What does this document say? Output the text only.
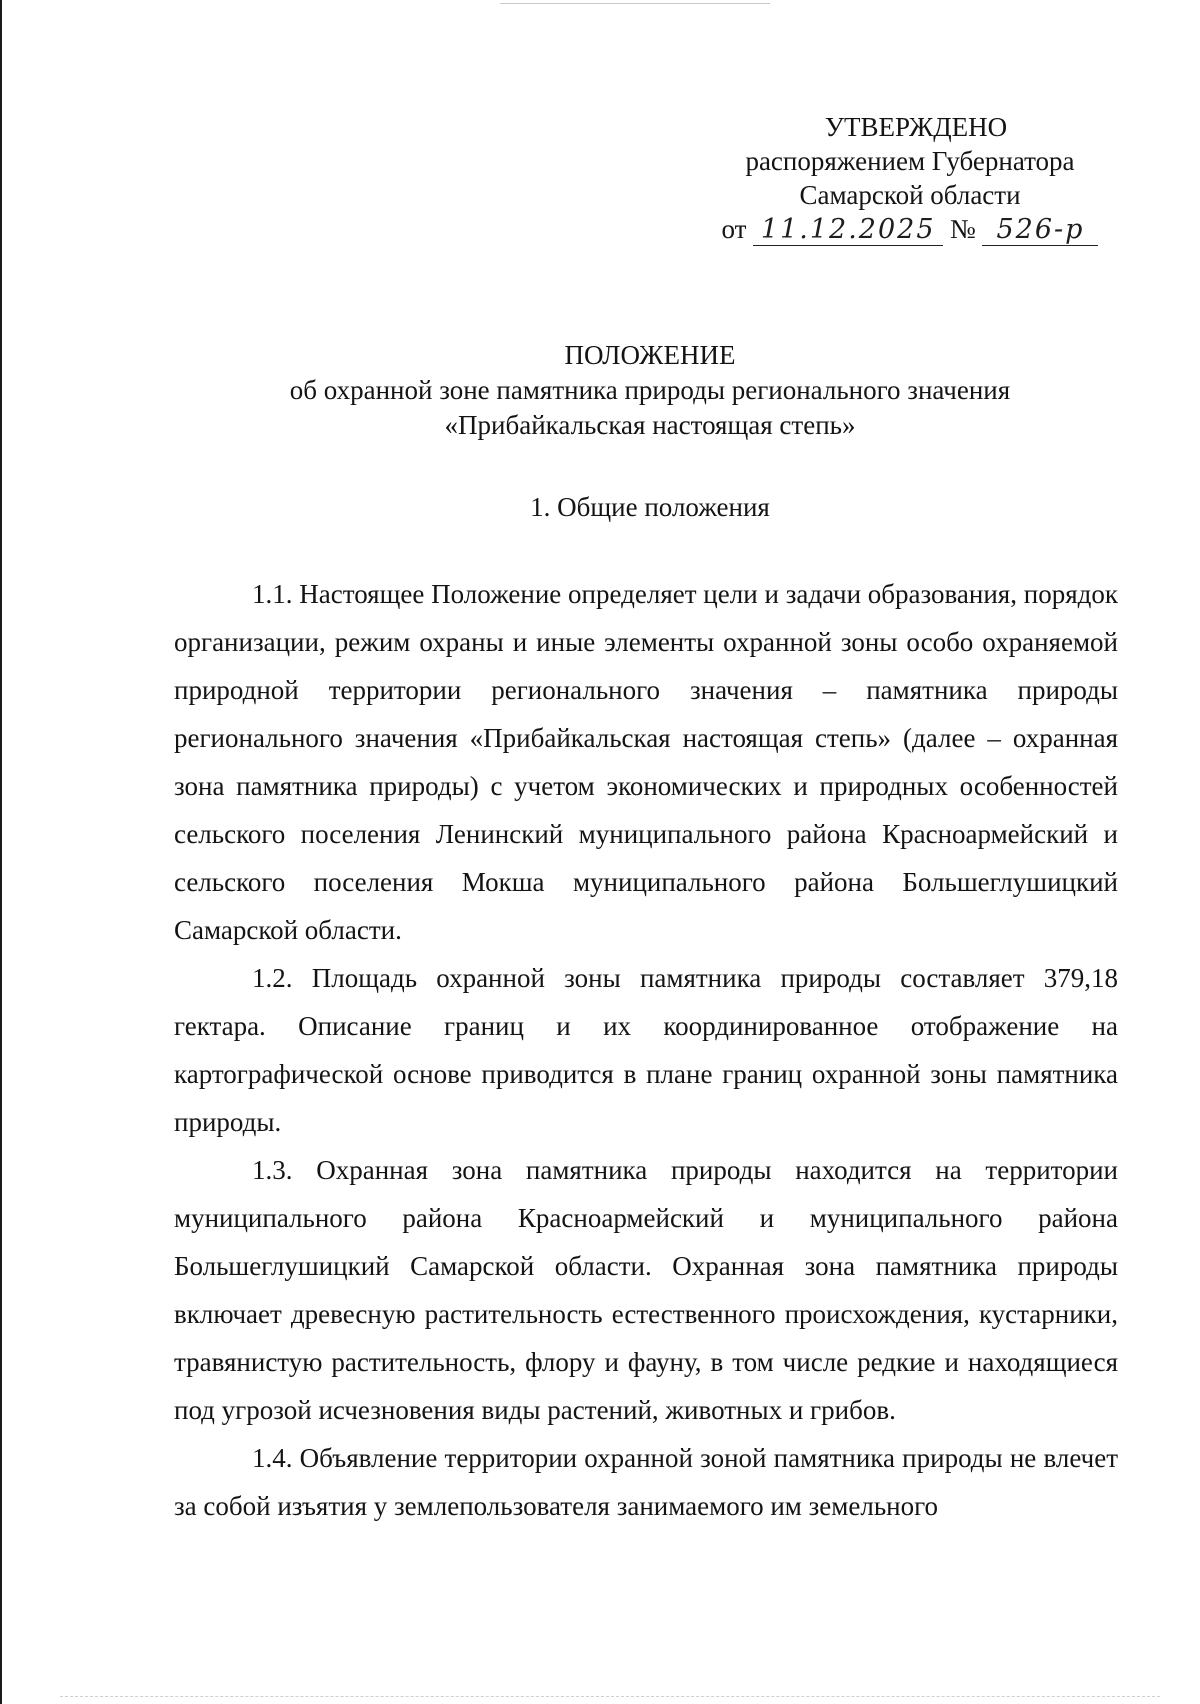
УТВЕРЖДЕНО
распоряжением Губернатора
Самарской области
от 11.12.2025 № 526-р
ПОЛОЖЕНИЕ
об охранной зоне памятника природы регионального значения
«Прибайкальская настоящая степь»
1. Общие положения

1.1. Настоящее Положение определяет цели и задачи образования, порядок организации, режим охраны и иные элементы охранной зоны особо охраняемой природной территории регионального значения – памятника природы регионального значения «Прибайкальская настоящая степь» (далее – охранная зона памятника природы) с учетом экономических и природных особенностей сельского поселения Ленинский муниципального района Красноармейский и сельского поселения Мокша муниципального района Большеглушицкий Самарской области.

1.2. Площадь охранной зоны памятника природы составляет 379,18 гектара. Описание границ и их координированное отображение на картографической основе приводится в плане границ охранной зоны памятника природы.

1.3. Охранная зона памятника природы находится на территории муниципального района Красноармейский и муниципального района Большеглушицкий Самарской области. Охранная зона памятника природы включает древесную растительность естественного происхождения, кустарники, травянистую растительность, флору и фауну, в том числе редкие и находящиеся под угрозой исчезновения виды растений, животных и грибов.

1.4. Объявление территории охранной зоной памятника природы не влечет за собой изъятия у землепользователя занимаемого им земельного
